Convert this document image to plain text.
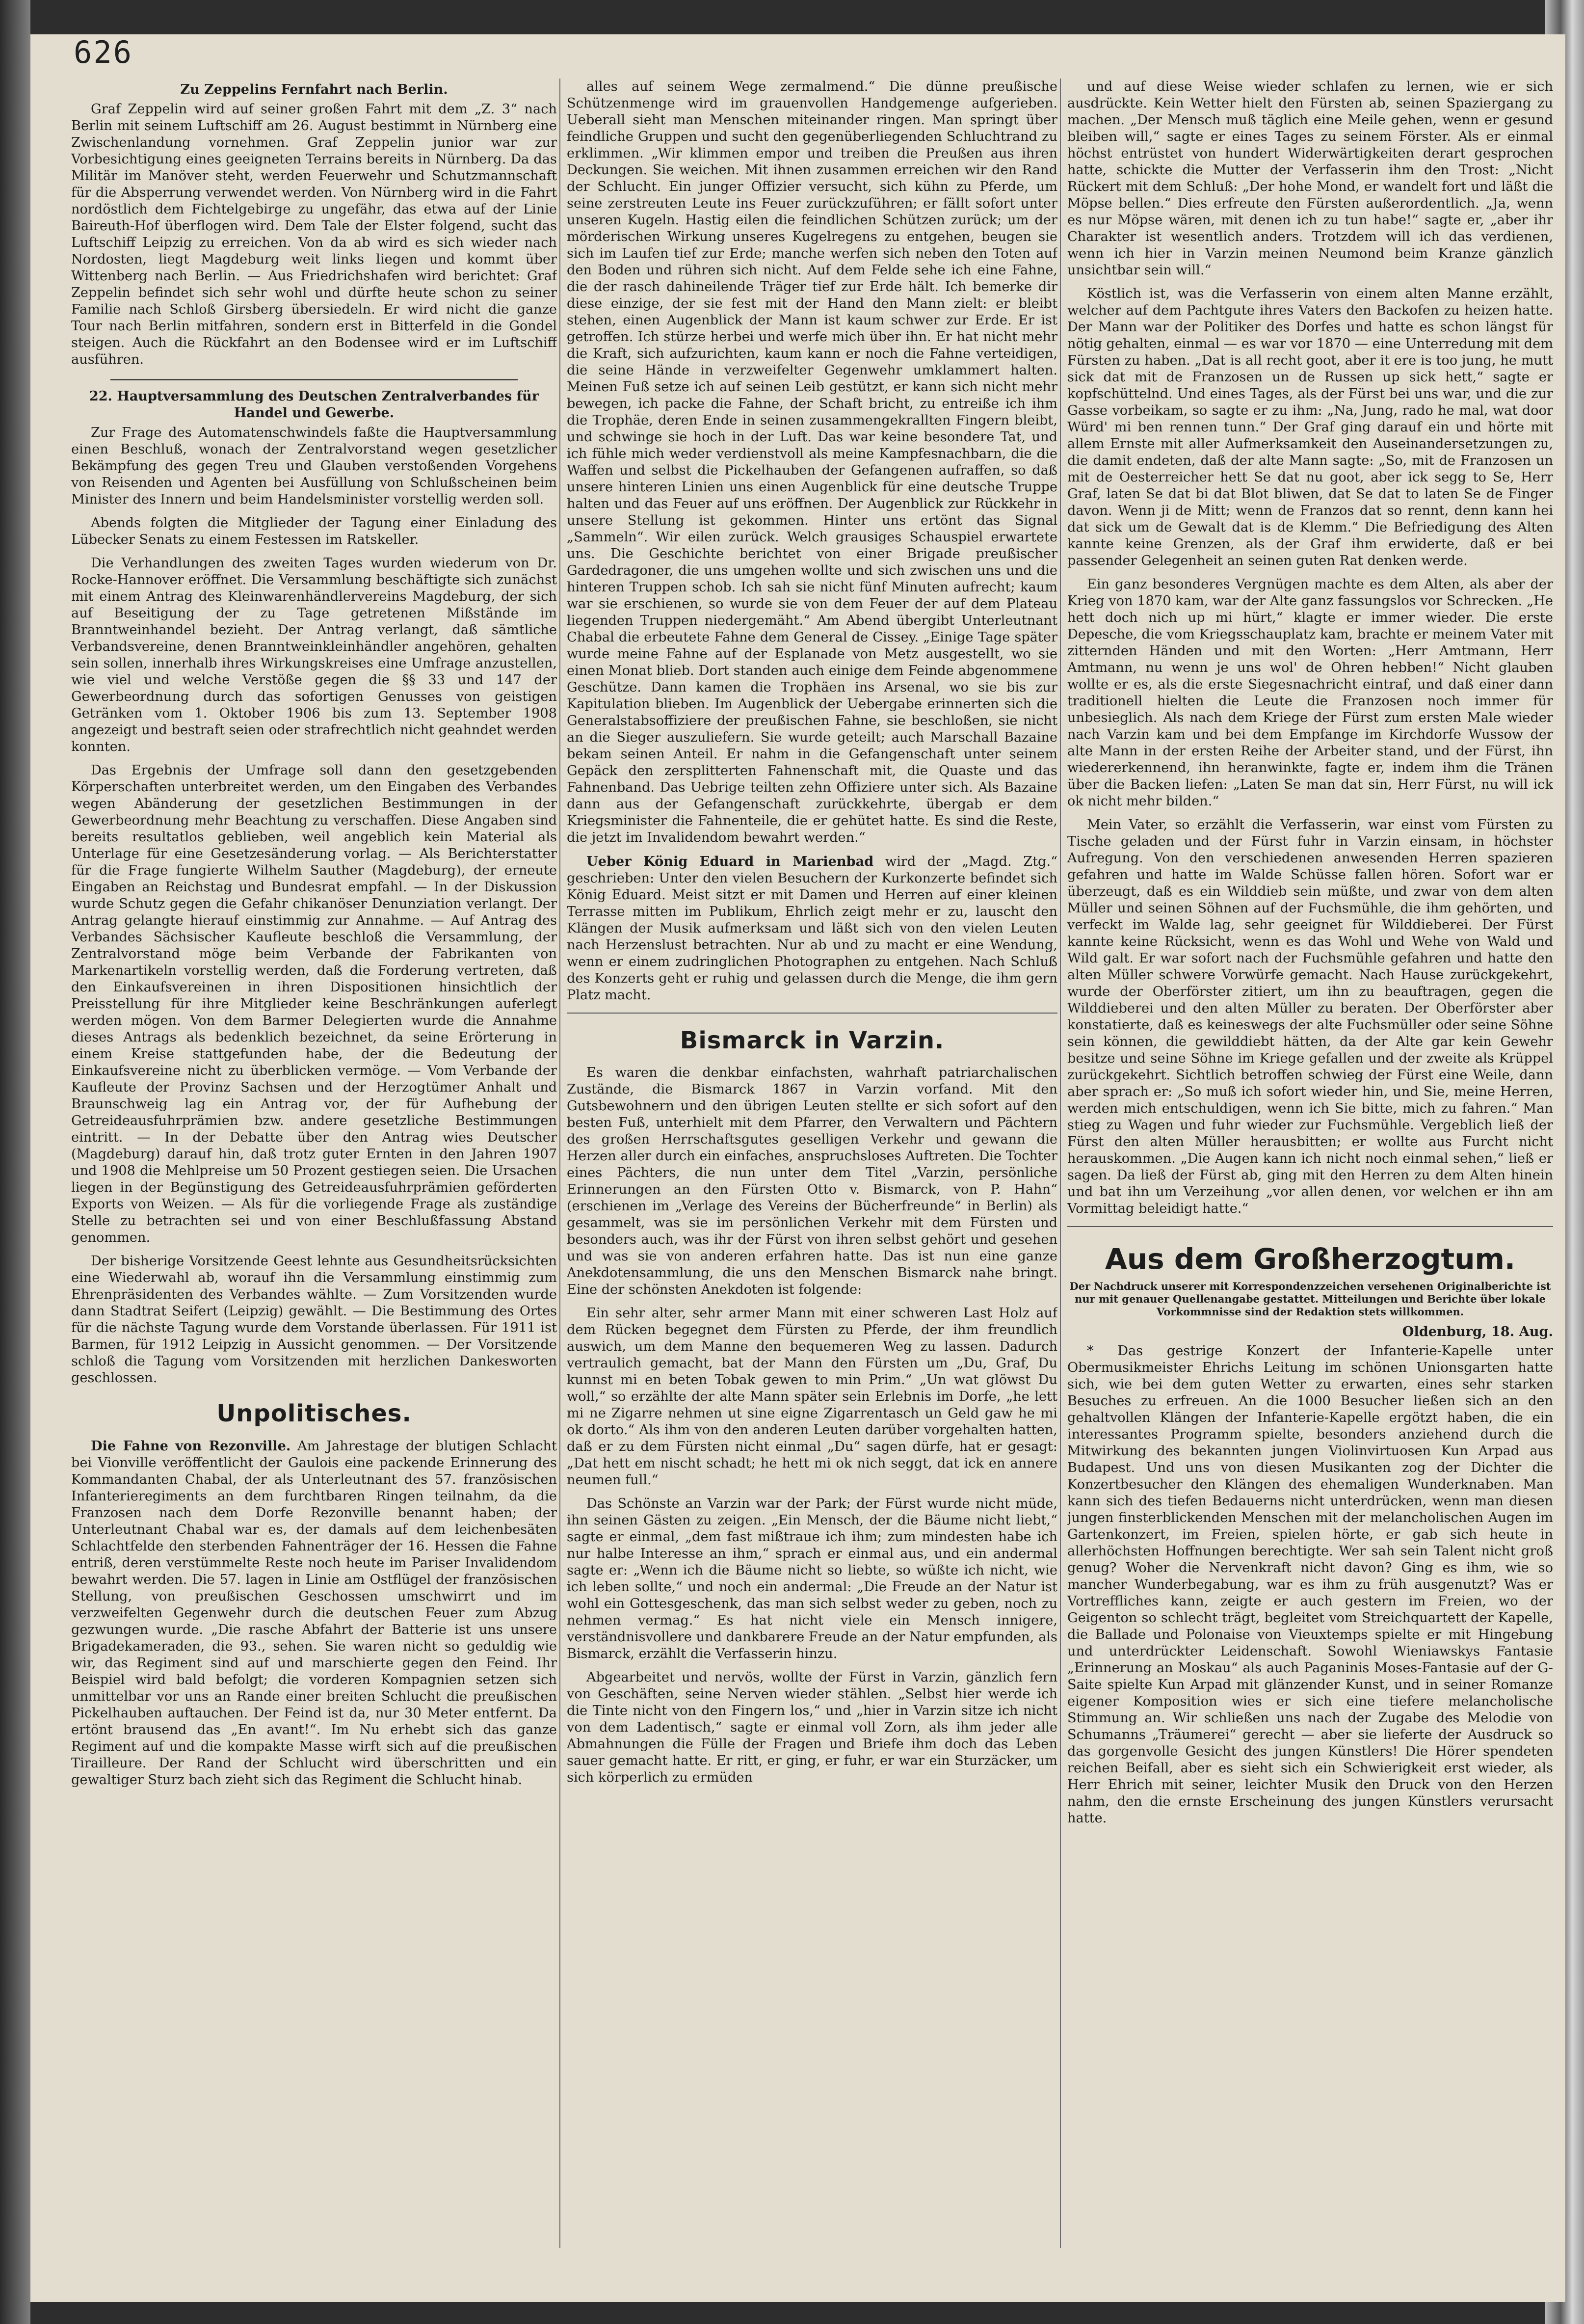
626
Zu Zeppelins Fernfahrt nach Berlin.

Graf Zeppelin wird auf seiner großen Fahrt mit dem „Z. 3“ nach Berlin mit seinem Luftschiff am 26. August bestimmt in Nürnberg eine Zwischenlandung vornehmen. Graf Zeppelin junior war zur Vorbesichtigung eines geeigneten Terrains bereits in Nürnberg. Da das Militär im Manöver steht, werden Feuerwehr und Schutzmannschaft für die Absperrung verwendet werden. Von Nürnberg wird in die Fahrt nordöstlich dem Fichtelgebirge zu ungefähr, das etwa auf der Linie Baireuth-Hof überflogen wird. Dem Tale der Elster folgend, sucht das Luftschiff Leipzig zu erreichen. Von da ab wird es sich wieder nach Nordosten, liegt Magdeburg weit links liegen und kommt über Wittenberg nach Berlin. — Aus Friedrichshafen wird berichtet: Graf Zeppelin befindet sich sehr wohl und dürfte heute schon zu seiner Familie nach Schloß Girsberg übersiedeln. Er wird nicht die ganze Tour nach Berlin mitfahren, sondern erst in Bitterfeld in die Gondel steigen. Auch die Rückfahrt an den Bodensee wird er im Luftschiff ausführen.

22. Hauptversammlung des Deutschen Zentralverbandes für Handel und Gewerbe.

Zur Frage des Automatenschwindels faßte die Hauptversammlung einen Beschluß, wonach der Zentralvorstand wegen gesetzlicher Bekämpfung des gegen Treu und Glauben verstoßenden Vorgehens von Reisenden und Agenten bei Ausfüllung von Schlußscheinen beim Minister des Innern und beim Handelsminister vorstellig werden soll.

Abends folgten die Mitglieder der Tagung einer Einladung des Lübecker Senats zu einem Festessen im Ratskeller.

Die Verhandlungen des zweiten Tages wurden wiederum von Dr. Rocke-Hannover eröffnet. Die Versammlung beschäftigte sich zunächst mit einem Antrag des Kleinwarenhändlervereins Magdeburg, der sich auf Beseitigung der zu Tage getretenen Mißstände im Branntweinhandel bezieht. Der Antrag verlangt, daß sämtliche Verbandsvereine, denen Branntweinkleinhändler angehören, gehalten sein sollen, innerhalb ihres Wirkungskreises eine Umfrage anzustellen, wie viel und welche Verstöße gegen die §§ 33 und 147 der Gewerbeordnung durch das sofortigen Genusses von geistigen Getränken vom 1. Oktober 1906 bis zum 13. September 1908 angezeigt und bestraft seien oder strafrechtlich nicht geahndet werden konnten.

Das Ergebnis der Umfrage soll dann den gesetzgebenden Körperschaften unterbreitet werden, um den Eingaben des Verbandes wegen Abänderung der gesetzlichen Bestimmungen in der Gewerbeordnung mehr Beachtung zu verschaffen. Diese Angaben sind bereits resultatlos geblieben, weil angeblich kein Material als Unterlage für eine Gesetzesänderung vorlag. — Als Berichterstatter für die Frage fungierte Wilhelm Sauther (Magdeburg), der erneute Eingaben an Reichstag und Bundesrat empfahl. — In der Diskussion wurde Schutz gegen die Gefahr chikanöser Denunziation verlangt. Der Antrag gelangte hierauf einstimmig zur Annahme. — Auf Antrag des Verbandes Sächsischer Kaufleute beschloß die Versammlung, der Zentralvorstand möge beim Verbande der Fabrikanten von Markenartikeln vorstellig werden, daß die Forderung vertreten, daß den Einkaufsvereinen in ihren Dispositionen hinsichtlich der Preisstellung für ihre Mitglieder keine Beschränkungen auferlegt werden mögen. Von dem Barmer Delegierten wurde die Annahme dieses Antrags als bedenklich bezeichnet, da seine Erörterung in einem Kreise stattgefunden habe, der die Bedeutung der Einkaufsvereine nicht zu überblicken vermöge. — Vom Verbande der Kaufleute der Provinz Sachsen und der Herzogtümer Anhalt und Braunschweig lag ein Antrag vor, der für Aufhebung der Getreideausfuhrprämien bzw. andere gesetzliche Bestimmungen eintritt. — In der Debatte über den Antrag wies Deutscher (Magdeburg) darauf hin, daß trotz guter Ernten in den Jahren 1907 und 1908 die Mehlpreise um 50 Prozent gestiegen seien. Die Ursachen liegen in der Begünstigung des Getreideausfuhrprämien geförderten Exports von Weizen. — Als für die vorliegende Frage als zuständige Stelle zu betrachten sei und von einer Beschlußfassung Abstand genommen.

Der bisherige Vorsitzende Geest lehnte aus Gesundheitsrücksichten eine Wiederwahl ab, worauf ihn die Versammlung einstimmig zum Ehrenpräsidenten des Verbandes wählte. — Zum Vorsitzenden wurde dann Stadtrat Seifert (Leipzig) gewählt. — Die Bestimmung des Ortes für die nächste Tagung wurde dem Vorstande überlassen. Für 1911 ist Barmen, für 1912 Leipzig in Aussicht genommen. — Der Vorsitzende schloß die Tagung vom Vorsitzenden mit herzlichen Dankesworten geschlossen.

Unpolitisches.

Die Fahne von Rezonville. Am Jahrestage der blutigen Schlacht bei Vionville veröffentlicht der Gaulois eine packende Erinnerung des Kommandanten Chabal, der als Unterleutnant des 57. französischen Infanterieregiments an dem furchtbaren Ringen teilnahm, da die Franzosen nach dem Dorfe Rezonville benannt haben; der Unterleutnant Chabal war es, der damals auf dem leichenbesäten Schlachtfelde den sterbenden Fahnenträger der 16. Hessen die Fahne entriß, deren verstümmelte Reste noch heute im Pariser Invalidendom bewahrt werden. Die 57. lagen in Linie am Ostflügel der französischen Stellung, von preußischen Geschossen umschwirrt und im verzweifelten Gegenwehr durch die deutschen Feuer zum Abzug gezwungen wurde. „Die rasche Abfahrt der Batterie ist uns unsere Brigadekameraden, die 93., sehen. Sie waren nicht so geduldig wie wir, das Regiment sind auf und marschierte gegen den Feind. Ihr Beispiel wird bald befolgt; die vorderen Kompagnien setzen sich unmittelbar vor uns an Rande einer breiten Schlucht die preußischen Pickelhauben auftauchen. Der Feind ist da, nur 30 Meter entfernt. Da ertönt brausend das „En avant!“. Im Nu erhebt sich das ganze Regiment auf und die kompakte Masse wirft sich auf die preußischen Tirailleure. Der Rand der Schlucht wird überschritten und ein gewaltiger Sturz bach zieht sich das Regiment die Schlucht hinab.

alles auf seinem Wege zermalmend.“ Die dünne preußische Schützenmenge wird im grauenvollen Handgemenge aufgerieben. Ueberall sieht man Menschen miteinander ringen. Man springt über feindliche Gruppen und sucht den gegenüberliegenden Schluchtrand zu erklimmen. „Wir klimmen empor und treiben die Preußen aus ihren Deckungen. Sie weichen. Mit ihnen zusammen erreichen wir den Rand der Schlucht. Ein junger Offizier versucht, sich kühn zu Pferde, um seine zerstreuten Leute ins Feuer zurückzuführen; er fällt sofort unter unseren Kugeln. Hastig eilen die feindlichen Schützen zurück; um der mörderischen Wirkung unseres Kugelregens zu entgehen, beugen sie sich im Laufen tief zur Erde; manche werfen sich neben den Toten auf den Boden und rühren sich nicht. Auf dem Felde sehe ich eine Fahne, die der rasch dahineilende Träger tief zur Erde hält. Ich bemerke dir diese einzige, der sie fest mit der Hand den Mann zielt: er bleibt stehen, einen Augenblick der Mann ist kaum schwer zur Erde. Er ist getroffen. Ich stürze herbei und werfe mich über ihn. Er hat nicht mehr die Kraft, sich aufzurichten, kaum kann er noch die Fahne verteidigen, die seine Hände in verzweifelter Gegenwehr umklammert halten. Meinen Fuß setze ich auf seinen Leib gestützt, er kann sich nicht mehr bewegen, ich packe die Fahne, der Schaft bricht, zu entreiße ich ihm die Trophäe, deren Ende in seinen zusammengekrallten Fingern bleibt, und schwinge sie hoch in der Luft. Das war keine besondere Tat, und ich fühle mich weder verdienstvoll als meine Kampfesnachbarn, die die Waffen und selbst die Pickelhauben der Gefangenen aufraffen, so daß unsere hinteren Linien uns einen Augenblick für eine deutsche Truppe halten und das Feuer auf uns eröffnen. Der Augenblick zur Rückkehr in unsere Stellung ist gekommen. Hinter uns ertönt das Signal „Sammeln“. Wir eilen zurück. Welch grausiges Schauspiel erwartete uns. Die Geschichte berichtet von einer Brigade preußischer Gardedragoner, die uns umgehen wollte und sich zwischen uns und die hinteren Truppen schob. Ich sah sie nicht fünf Minuten aufrecht; kaum war sie erschienen, so wurde sie von dem Feuer der auf dem Plateau liegenden Truppen niedergemäht.“ Am Abend übergibt Unterleutnant Chabal die erbeutete Fahne dem General de Cissey. „Einige Tage später wurde meine Fahne auf der Esplanade von Metz ausgestellt, wo sie einen Monat blieb. Dort standen auch einige dem Feinde abgenommene Geschütze. Dann kamen die Trophäen ins Arsenal, wo sie bis zur Kapitulation blieben. Im Augenblick der Uebergabe erinnerten sich die Generalstabsoffiziere der preußischen Fahne, sie beschloßen, sie nicht an die Sieger auszuliefern. Sie wurde geteilt; auch Marschall Bazaine bekam seinen Anteil. Er nahm in die Gefangenschaft unter seinem Gepäck den zersplitterten Fahnenschaft mit, die Quaste und das Fahnenband. Das Uebrige teilten zehn Offiziere unter sich. Als Bazaine dann aus der Gefangenschaft zurückkehrte, übergab er dem Kriegsminister die Fahnenteile, die er gehütet hatte. Es sind die Reste, die jetzt im Invalidendom bewahrt werden.“

Ueber König Eduard in Marienbad wird der „Magd. Ztg.“ geschrieben: Unter den vielen Besuchern der Kurkonzerte befindet sich König Eduard. Meist sitzt er mit Damen und Herren auf einer kleinen Terrasse mitten im Publikum, Ehrlich zeigt mehr er zu, lauscht den Klängen der Musik aufmerksam und läßt sich von den vielen Leuten nach Herzenslust betrachten. Nur ab und zu macht er eine Wendung, wenn er einem zudringlichen Photographen zu entgehen. Nach Schluß des Konzerts geht er ruhig und gelassen durch die Menge, die ihm gern Platz macht.

Bismarck in Varzin.

Es waren die denkbar einfachsten, wahrhaft patriarchalischen Zustände, die Bismarck 1867 in Varzin vorfand. Mit den Gutsbewohnern und den übrigen Leuten stellte er sich sofort auf den besten Fuß, unterhielt mit dem Pfarrer, den Verwaltern und Pächtern des großen Herrschaftsgutes geselligen Verkehr und gewann die Herzen aller durch ein einfaches, anspruchsloses Auftreten. Die Tochter eines Pächters, die nun unter dem Titel „Varzin, persönliche Erinnerungen an den Fürsten Otto v. Bismarck, von P. Hahn“ (erschienen im „Verlage des Vereins der Bücherfreunde“ in Berlin) als gesammelt, was sie im persönlichen Verkehr mit dem Fürsten und besonders auch, was ihr der Fürst von ihren selbst gehört und gesehen und was sie von anderen erfahren hatte. Das ist nun eine ganze Anekdotensammlung, die uns den Menschen Bismarck nahe bringt. Eine der schönsten Anekdoten ist folgende:

Ein sehr alter, sehr armer Mann mit einer schweren Last Holz auf dem Rücken begegnet dem Fürsten zu Pferde, der ihm freundlich auswich, um dem Manne den bequemeren Weg zu lassen. Dadurch vertraulich gemacht, bat der Mann den Fürsten um „Du, Graf, Du kunnst mi en beten Tobak gewen to min Prim.“ „Un wat glöwst Du woll,“ so erzählte der alte Mann später sein Erlebnis im Dorfe, „he lett mi ne Zigarre nehmen ut sine eigne Zigarrentasch un Geld gaw he mi ok dorto.“ Als ihm von den anderen Leuten darüber vorgehalten hatten, daß er zu dem Fürsten nicht einmal „Du“ sagen dürfe, hat er gesagt: „Dat hett em nischt schadt; he hett mi ok nich seggt, dat ick en annere neumen full.“

Das Schönste an Varzin war der Park; der Fürst wurde nicht müde, ihn seinen Gästen zu zeigen. „Ein Mensch, der die Bäume nicht liebt,“ sagte er einmal, „dem fast mißtraue ich ihm; zum mindesten habe ich nur halbe Interesse an ihm,“ sprach er einmal aus, und ein andermal sagte er: „Wenn ich die Bäume nicht so liebte, so wüßte ich nicht, wie ich leben sollte,“ und noch ein andermal: „Die Freude an der Natur ist wohl ein Gottesgeschenk, das man sich selbst weder zu geben, noch zu nehmen vermag.“ Es hat nicht viele ein Mensch innigere, verständnisvollere und dankbarere Freude an der Natur empfunden, als Bismarck, erzählt die Verfasserin hinzu.

Abgearbeitet und nervös, wollte der Fürst in Varzin, gänzlich fern von Geschäften, seine Nerven wieder stählen. „Selbst hier werde ich die Tinte nicht von den Fingern los,“ und „hier in Varzin sitze ich nicht von dem Ladentisch,“ sagte er einmal voll Zorn, als ihm jeder alle Abmahnungen die Fülle der Fragen und Briefe ihm doch das Leben sauer gemacht hatte. Er ritt, er ging, er fuhr, er war ein Sturzäcker, um sich körperlich zu ermüden

und auf diese Weise wieder schlafen zu lernen, wie er sich ausdrückte. Kein Wetter hielt den Fürsten ab, seinen Spaziergang zu machen. „Der Mensch muß täglich eine Meile gehen, wenn er gesund bleiben will,“ sagte er eines Tages zu seinem Förster. Als er einmal höchst entrüstet von hundert Widerwärtigkeiten derart gesprochen hatte, schickte die Mutter der Verfasserin ihm den Trost: „Nicht Rückert mit dem Schluß: „Der hohe Mond, er wandelt fort und läßt die Möpse bellen.“ Dies erfreute den Fürsten außerordentlich. „Ja, wenn es nur Möpse wären, mit denen ich zu tun habe!“ sagte er, „aber ihr Charakter ist wesentlich anders. Trotzdem will ich das verdienen, wenn ich hier in Varzin meinen Neumond beim Kranze gänzlich unsichtbar sein will.“

Köstlich ist, was die Verfasserin von einem alten Manne erzählt, welcher auf dem Pachtgute ihres Vaters den Backofen zu heizen hatte. Der Mann war der Politiker des Dorfes und hatte es schon längst für nötig gehalten, einmal — es war vor 1870 — eine Unterredung mit dem Fürsten zu haben. „Dat is all recht goot, aber it ere is too jung, he mutt sick dat mit de Franzosen un de Russen up sick hett,“ sagte er kopfschüttelnd. Und eines Tages, als der Fürst bei uns war, und die zur Gasse vorbeikam, so sagte er zu ihm: „Na, Jung, rado he mal, wat door Würd' mi ben rennen tunn.“ Der Graf ging darauf ein und hörte mit allem Ernste mit aller Aufmerksamkeit den Auseinandersetzungen zu, die damit endeten, daß der alte Mann sagte: „So, mit de Franzosen un mit de Oesterreicher hett Se dat nu goot, aber ick segg to Se, Herr Graf, laten Se dat bi dat Blot bliwen, dat Se dat to laten Se de Finger davon. Wenn ji de Mitt; wenn de Franzos dat so rennt, denn kann hei dat sick um de Gewalt dat is de Klemm.“ Die Befriedigung des Alten kannte keine Grenzen, als der Graf ihm erwiderte, daß er bei passender Gelegenheit an seinen guten Rat denken werde.

Ein ganz besonderes Vergnügen machte es dem Alten, als aber der Krieg von 1870 kam, war der Alte ganz fassungslos vor Schrecken. „He hett doch nich up mi hürt,“ klagte er immer wieder. Die erste Depesche, die vom Kriegsschauplatz kam, brachte er meinem Vater mit zitternden Händen und mit den Worten: „Herr Amtmann, Herr Amtmann, nu wenn je uns wol' de Ohren hebben!“ Nicht glauben wollte er es, als die erste Siegesnachricht eintraf, und daß einer dann traditionell hielten die Leute die Franzosen noch immer für unbesieglich. Als nach dem Kriege der Fürst zum ersten Male wieder nach Varzin kam und bei dem Empfange im Kirchdorfe Wussow der alte Mann in der ersten Reihe der Arbeiter stand, und der Fürst, ihn wiedererkennend, ihn heranwinkte, fagte er, indem ihm die Tränen über die Backen liefen: „Laten Se man dat sin, Herr Fürst, nu will ick ok nicht mehr bilden.“

Mein Vater, so erzählt die Verfasserin, war einst vom Fürsten zu Tische geladen und der Fürst fuhr in Varzin einsam, in höchster Aufregung. Von den verschiedenen anwesenden Herren spazieren gefahren und hatte im Walde Schüsse fallen hören. Sofort war er überzeugt, daß es ein Wilddieb sein müßte, und zwar von dem alten Müller und seinen Söhnen auf der Fuchsmühle, die ihm gehörten, und verfeckt im Walde lag, sehr geeignet für Wilddieberei. Der Fürst kannte keine Rücksicht, wenn es das Wohl und Wehe von Wald und Wild galt. Er war sofort nach der Fuchsmühle gefahren und hatte den alten Müller schwere Vorwürfe gemacht. Nach Hause zurückgekehrt, wurde der Oberförster zitiert, um ihn zu beauftragen, gegen die Wilddieberei und den alten Müller zu beraten. Der Oberförster aber konstatierte, daß es keineswegs der alte Fuchsmüller oder seine Söhne sein können, die gewilddiebt hätten, da der Alte gar kein Gewehr besitze und seine Söhne im Kriege gefallen und der zweite als Krüppel zurückgekehrt. Sichtlich betroffen schwieg der Fürst eine Weile, dann aber sprach er: „So muß ich sofort wieder hin, und Sie, meine Herren, werden mich entschuldigen, wenn ich Sie bitte, mich zu fahren.“ Man stieg zu Wagen und fuhr wieder zur Fuchsmühle. Vergeblich ließ der Fürst den alten Müller herausbitten; er wollte aus Furcht nicht herauskommen. „Die Augen kann ich nicht noch einmal sehen,“ ließ er sagen. Da ließ der Fürst ab, ging mit den Herren zu dem Alten hinein und bat ihn um Verzeihung „vor allen denen, vor welchen er ihn am Vormittag beleidigt hatte.“

Aus dem Großherzogtum.
Der Nachdruck unserer mit Korrespondenzzeichen versehenen Originalberichte ist nur mit genauer Quellenangabe gestattet. Mitteilungen und Berichte über lokale Vorkommnisse sind der Redaktion stets willkommen.
Oldenburg, 18. Aug.

* Das gestrige Konzert der Infanterie-Kapelle unter Obermusikmeister Ehrichs Leitung im schönen Unionsgarten hatte sich, wie bei dem guten Wetter zu erwarten, eines sehr starken Besuches zu erfreuen. An die 1000 Besucher ließen sich an den gehaltvollen Klängen der Infanterie-Kapelle ergötzt haben, die ein interessantes Programm spielte, besonders anziehend durch die Mitwirkung des bekannten jungen Violinvirtuosen Kun Arpad aus Budapest. Und uns von diesen Musikanten zog der Dichter die Konzertbesucher den Klängen des ehemaligen Wunderknaben. Man kann sich des tiefen Bedauerns nicht unterdrücken, wenn man diesen jungen finsterblickenden Menschen mit der melancholischen Augen im Gartenkonzert, im Freien, spielen hörte, er gab sich heute in allerhöchsten Hoffnungen berechtigte. Wer sah sein Talent nicht groß genug? Woher die Nervenkraft nicht davon? Ging es ihm, wie so mancher Wunderbegabung, war es ihm zu früh ausgenutzt? Was er Vortreffliches kann, zeigte er auch gestern im Freien, wo der Geigenton so schlecht trägt, begleitet vom Streichquartett der Kapelle, die Ballade und Polonaise von Vieuxtemps spielte er mit Hingebung und unterdrückter Leidenschaft. Sowohl Wieniawskys Fantasie „Erinnerung an Moskau“ als auch Paganinis Moses-Fantasie auf der G-Saite spielte Kun Arpad mit glänzender Kunst, und in seiner Romanze eigener Komposition wies er sich eine tiefere melancholische Stimmung an. Wir schließen uns nach der Zugabe des Melodie von Schumanns „Träumerei“ gerecht — aber sie lieferte der Ausdruck so das gorgenvolle Gesicht des jungen Künstlers! Die Hörer spendeten reichen Beifall, aber es sieht sich ein Schwierigkeit erst wieder, als Herr Ehrich mit seiner, leichter Musik den Druck von den Herzen nahm, den die ernste Erscheinung des jungen Künstlers verursacht hatte.
